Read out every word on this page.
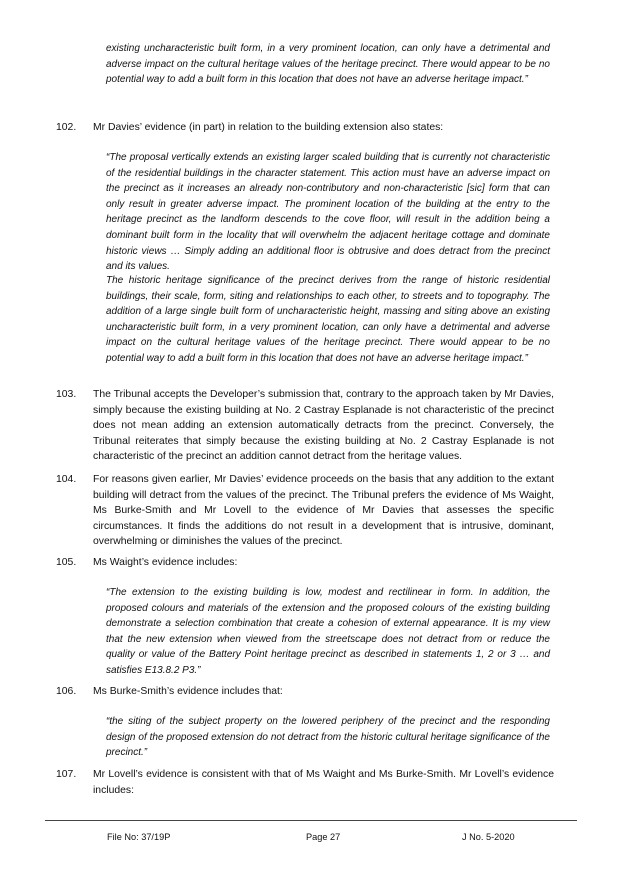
existing uncharacteristic built form, in a very prominent location, can only have a detrimental and adverse impact on the cultural heritage values of the heritage precinct. There would appear to be no potential way to add a built form in this location that does not have an adverse heritage impact.”

102.	Mr Davies’ evidence (in part) in relation to the building extension also states:

“The proposal vertically extends an existing larger scaled building that is currently not characteristic of the residential buildings in the character statement. This action must have an adverse impact on the precinct as it increases an already non-contributory and non-characteristic [sic] form that can only result in greater adverse impact. The prominent location of the building at the entry to the heritage precinct as the landform descends to the cove floor, will result in the addition being a dominant built form in the locality that will overwhelm the adjacent heritage cottage and dominate historic views … Simply adding an additional floor is obtrusive and does detract from the precinct and its values.

The historic heritage significance of the precinct derives from the range of historic residential buildings, their scale, form, siting and relationships to each other, to streets and to topography. The addition of a large single built form of uncharacteristic height, massing and siting above an existing uncharacteristic built form, in a very prominent location, can only have a detrimental and adverse impact on the cultural heritage values of the heritage precinct. There would appear to be no potential way to add a built form in this location that does not have an adverse heritage impact.”

103.	The Tribunal accepts the Developer’s submission that, contrary to the approach taken by Mr Davies, simply because the existing building at No. 2 Castray Esplanade is not characteristic of the precinct does not mean adding an extension automatically detracts from the precinct. Conversely, the Tribunal reiterates that simply because the existing building at No. 2 Castray Esplanade is not characteristic of the precinct an addition cannot detract from the heritage values.
104.	For reasons given earlier, Mr Davies’ evidence proceeds on the basis that any addition to the extant building will detract from the values of the precinct. The Tribunal prefers the evidence of Ms Waight, Ms Burke-Smith and Mr Lovell to the evidence of Mr Davies that assesses the specific circumstances. It finds the additions do not result in a development that is intrusive, dominant, overwhelming or diminishes the values of the precinct.
105.	Ms Waight’s evidence includes:

“The extension to the existing building is low, modest and rectilinear in form. In addition, the proposed colours and materials of the extension and the proposed colours of the existing building demonstrate a selection combination that create a cohesion of external appearance. It is my view that the new extension when viewed from the streetscape does not detract from or reduce the quality or value of the Battery Point heritage precinct as described in statements 1, 2 or 3 … and satisfies E13.8.2 P3.”

106.	Ms Burke-Smith’s evidence includes that:

“the siting of the subject property on the lowered periphery of the precinct and the responding design of the proposed extension do not detract from the historic cultural heritage significance of the precinct.”

107.	Mr Lovell’s evidence is consistent with that of Ms Waight and Ms Burke-Smith. Mr Lovell’s evidence includes:
File No: 37/19P	Page 27	J No. 5-2020
